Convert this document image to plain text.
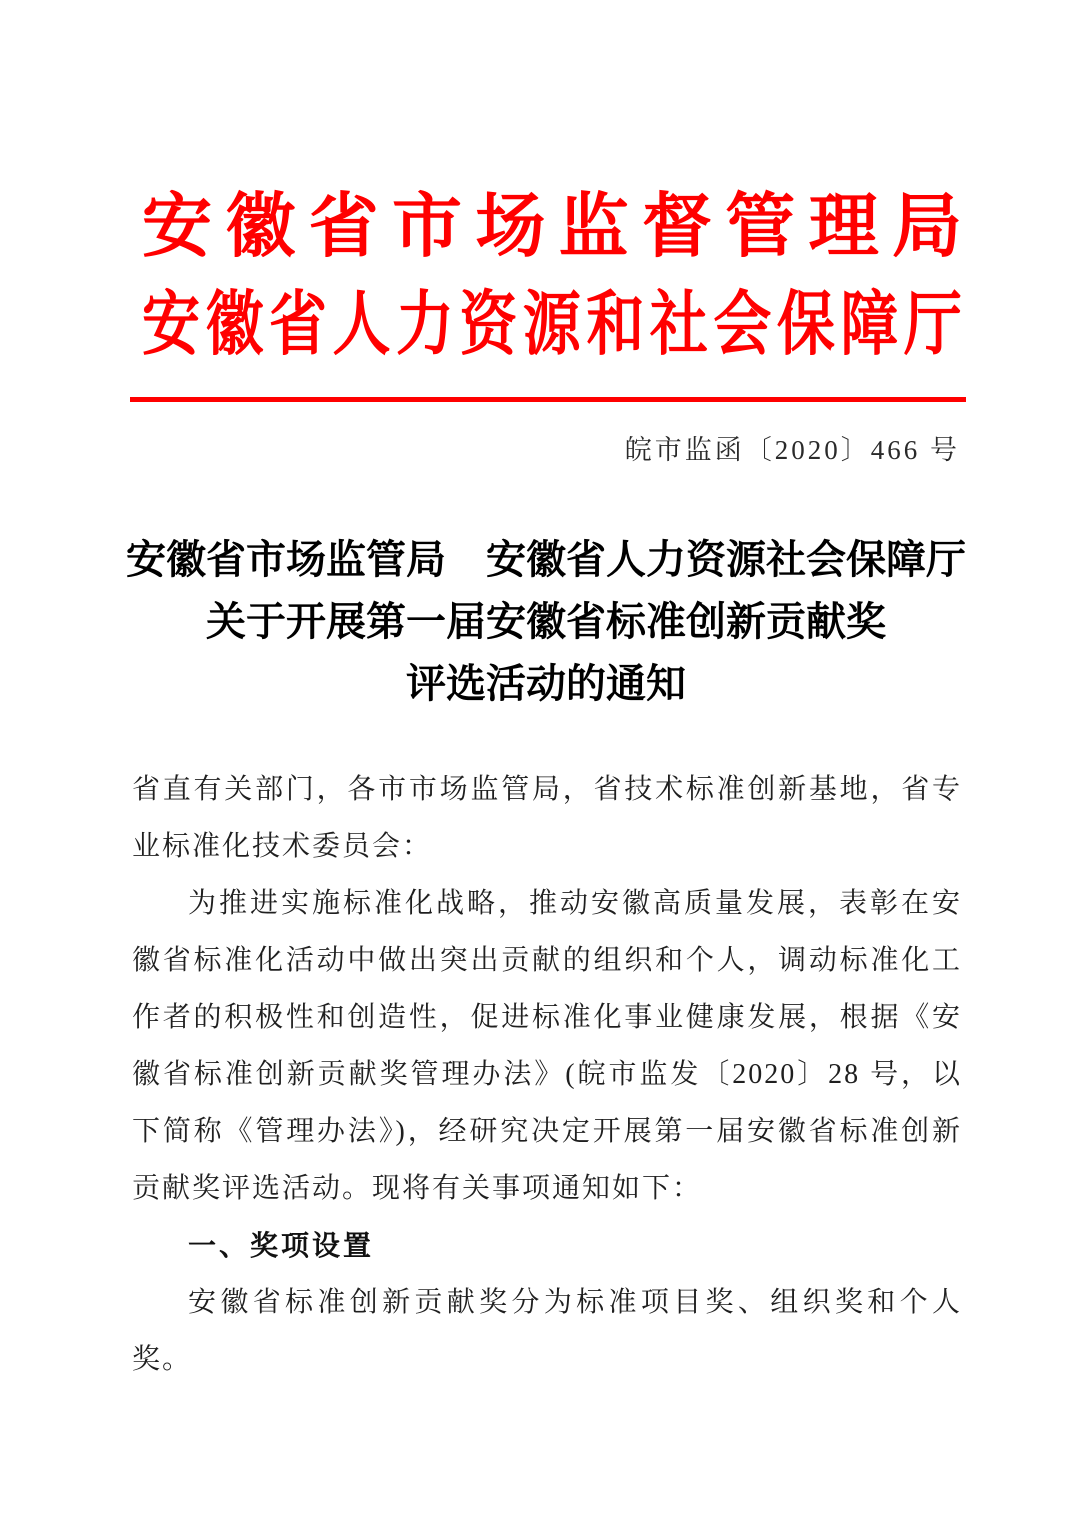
安 徽 省 市 场 监 督 管 理 局
安 徽 省 人 力 资 源 和 社 会 保 障 厅
皖市监函〔2020〕466 号
安徽省市场监管局　安徽省人力资源社会保障厅
关于开展第一届安徽省标准创新贡献奖
评选活动的通知
省直有关部门，各市市场监管局，省技术标准创新基地，省专业标准化技术委员会：
为推进实施标准化战略，推动安徽高质量发展，表彰在安徽省标准化活动中做出突出贡献的组织和个人，调动标准化工作者的积极性和创造性，促进标准化事业健康发展，根据《安徽省标准创新贡献奖管理办法》(皖市监发〔2020〕28 号，以下简称《管理办法》)，经研究决定开展第一届安徽省标准创新贡献奖评选活动。现将有关事项通知如下：
一、奖项设置
安徽省标准创新贡献奖分为标准项目奖、组织奖和个人奖。
